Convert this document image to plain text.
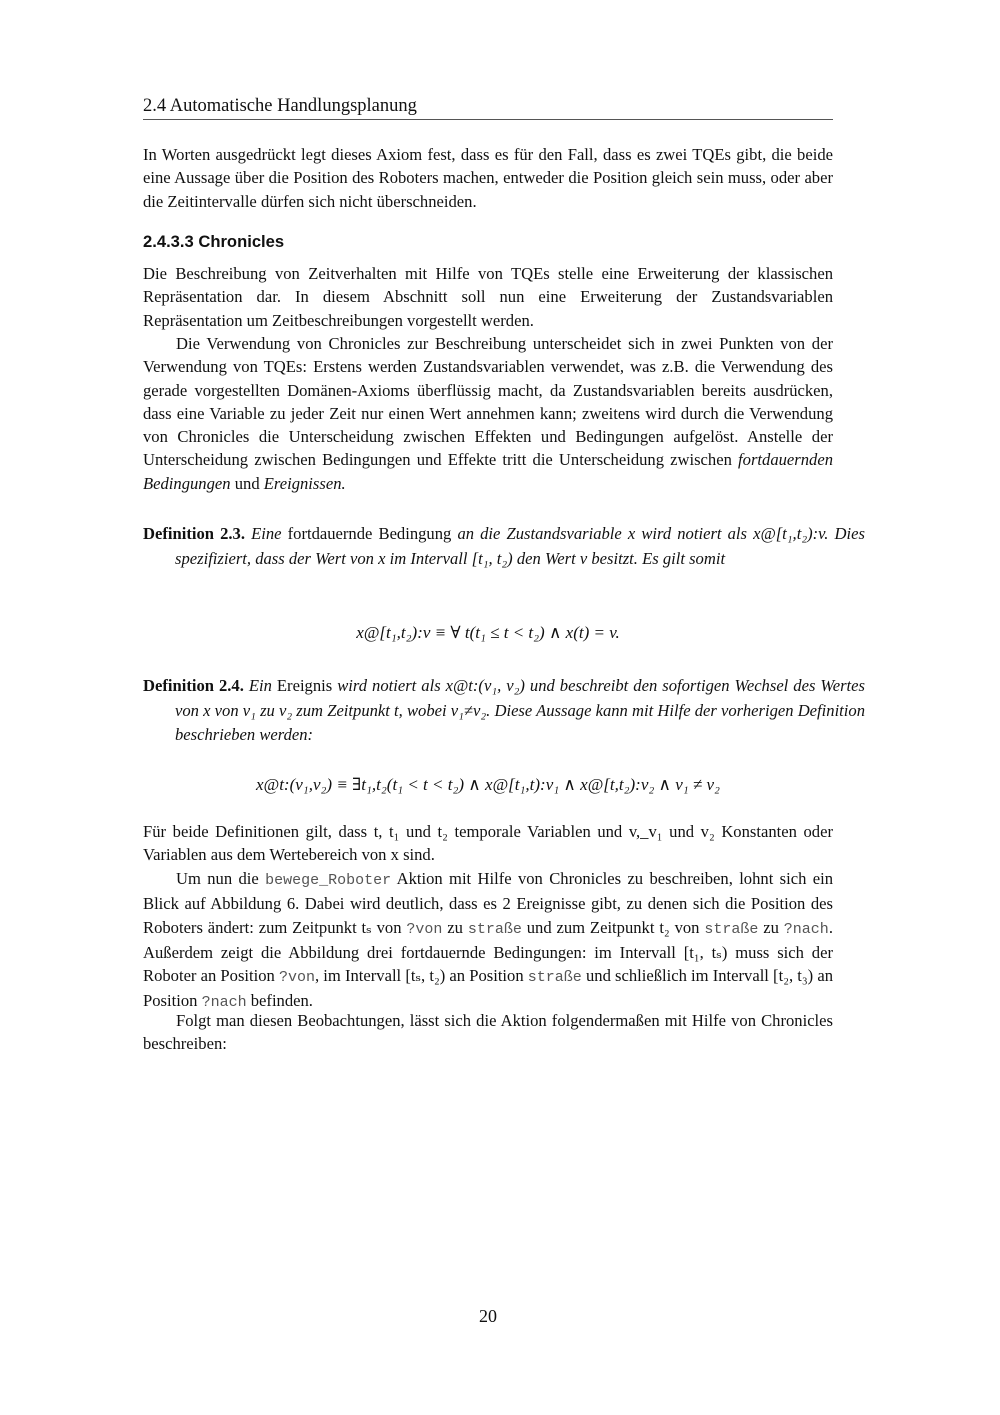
2.4 Automatische Handlungsplanung

In Worten ausgedrückt legt dieses Axiom fest, dass es für den Fall, dass es zwei TQEs gibt, die beide eine Aussage über die Position des Roboters machen, entweder die Position gleich sein muss, oder aber die Zeitintervalle dürfen sich nicht überschneiden.

2.4.3.3 Chronicles

Die Beschreibung von Zeitverhalten mit Hilfe von TQEs stelle eine Erweiterung der klassischen Repräsentation dar. In diesem Abschnitt soll nun eine Erweiterung der Zustandsvariablen Repräsentation um Zeitbeschreibungen vorgestellt werden.

Die Verwendung von Chronicles zur Beschreibung unterscheidet sich in zwei Punkten von der Verwendung von TQEs: Erstens werden Zustandsvariablen verwendet, was z.B. die Verwendung des gerade vorgestellten Domänen-Axioms überflüssig macht, da Zustandsvariablen bereits ausdrücken, dass eine Variable zu jeder Zeit nur einen Wert annehmen kann; zweitens wird durch die Verwendung von Chronicles die Unterscheidung zwischen Effekten und Bedingungen aufgelöst. Anstelle der Unterscheidung zwischen Bedingungen und Effekte tritt die Unterscheidung zwischen fortdauernden Bedingungen und Ereignissen.

Definition 2.3. Eine fortdauernde Bedingung an die Zustandsvariable x wird notiert als x@[t₁,t₂):v. Dies spezifiziert, dass der Wert von x im Intervall [t₁, t₂) den Wert v besitzt. Es gilt somit

x@[t₁,t₂):v ≡ ∀ t(t₁ ≤ t < t₂) ∧ x(t) = v.

Definition 2.4. Ein Ereignis wird notiert als x@t:(v₁, v₂) und beschreibt den sofortigen Wechsel des Wertes von x von v₁ zu v₂ zum Zeitpunkt t, wobei v₁≠v₂. Diese Aussage kann mit Hilfe der vorherigen Definition beschrieben werden:

x@t:(v₁,v₂) ≡ ∃t₁,t₂(t₁ < t < t₂) ∧ x@[t₁,t):v₁ ∧ x@[t,t₂):v₂ ∧ v₁ ≠ v₂

Für beide Definitionen gilt, dass t, t₁ und t₂ temporale Variablen und v,_v₁ und v₂ Konstanten oder Variablen aus dem Wertebereich von x sind.

Um nun die bewege_Roboter Aktion mit Hilfe von Chronicles zu beschreiben, lohnt sich ein Blick auf Abbildung 6. Dabei wird deutlich, dass es 2 Ereignisse gibt, zu denen sich die Position des Roboters ändert: zum Zeitpunkt tₛ von ?von zu straße und zum Zeitpunkt t₂ von straße zu ?nach. Außerdem zeigt die Abbildung drei fortdauernde Bedingungen: im Intervall [t₁, tₛ) muss sich der Roboter an Position ?von, im Intervall [tₛ, t₂) an Position straße und schließlich im Intervall [t₂, t₃) an Position ?nach befinden.

Folgt man diesen Beobachtungen, lässt sich die Aktion folgendermaßen mit Hilfe von Chronicles beschreiben:

20
